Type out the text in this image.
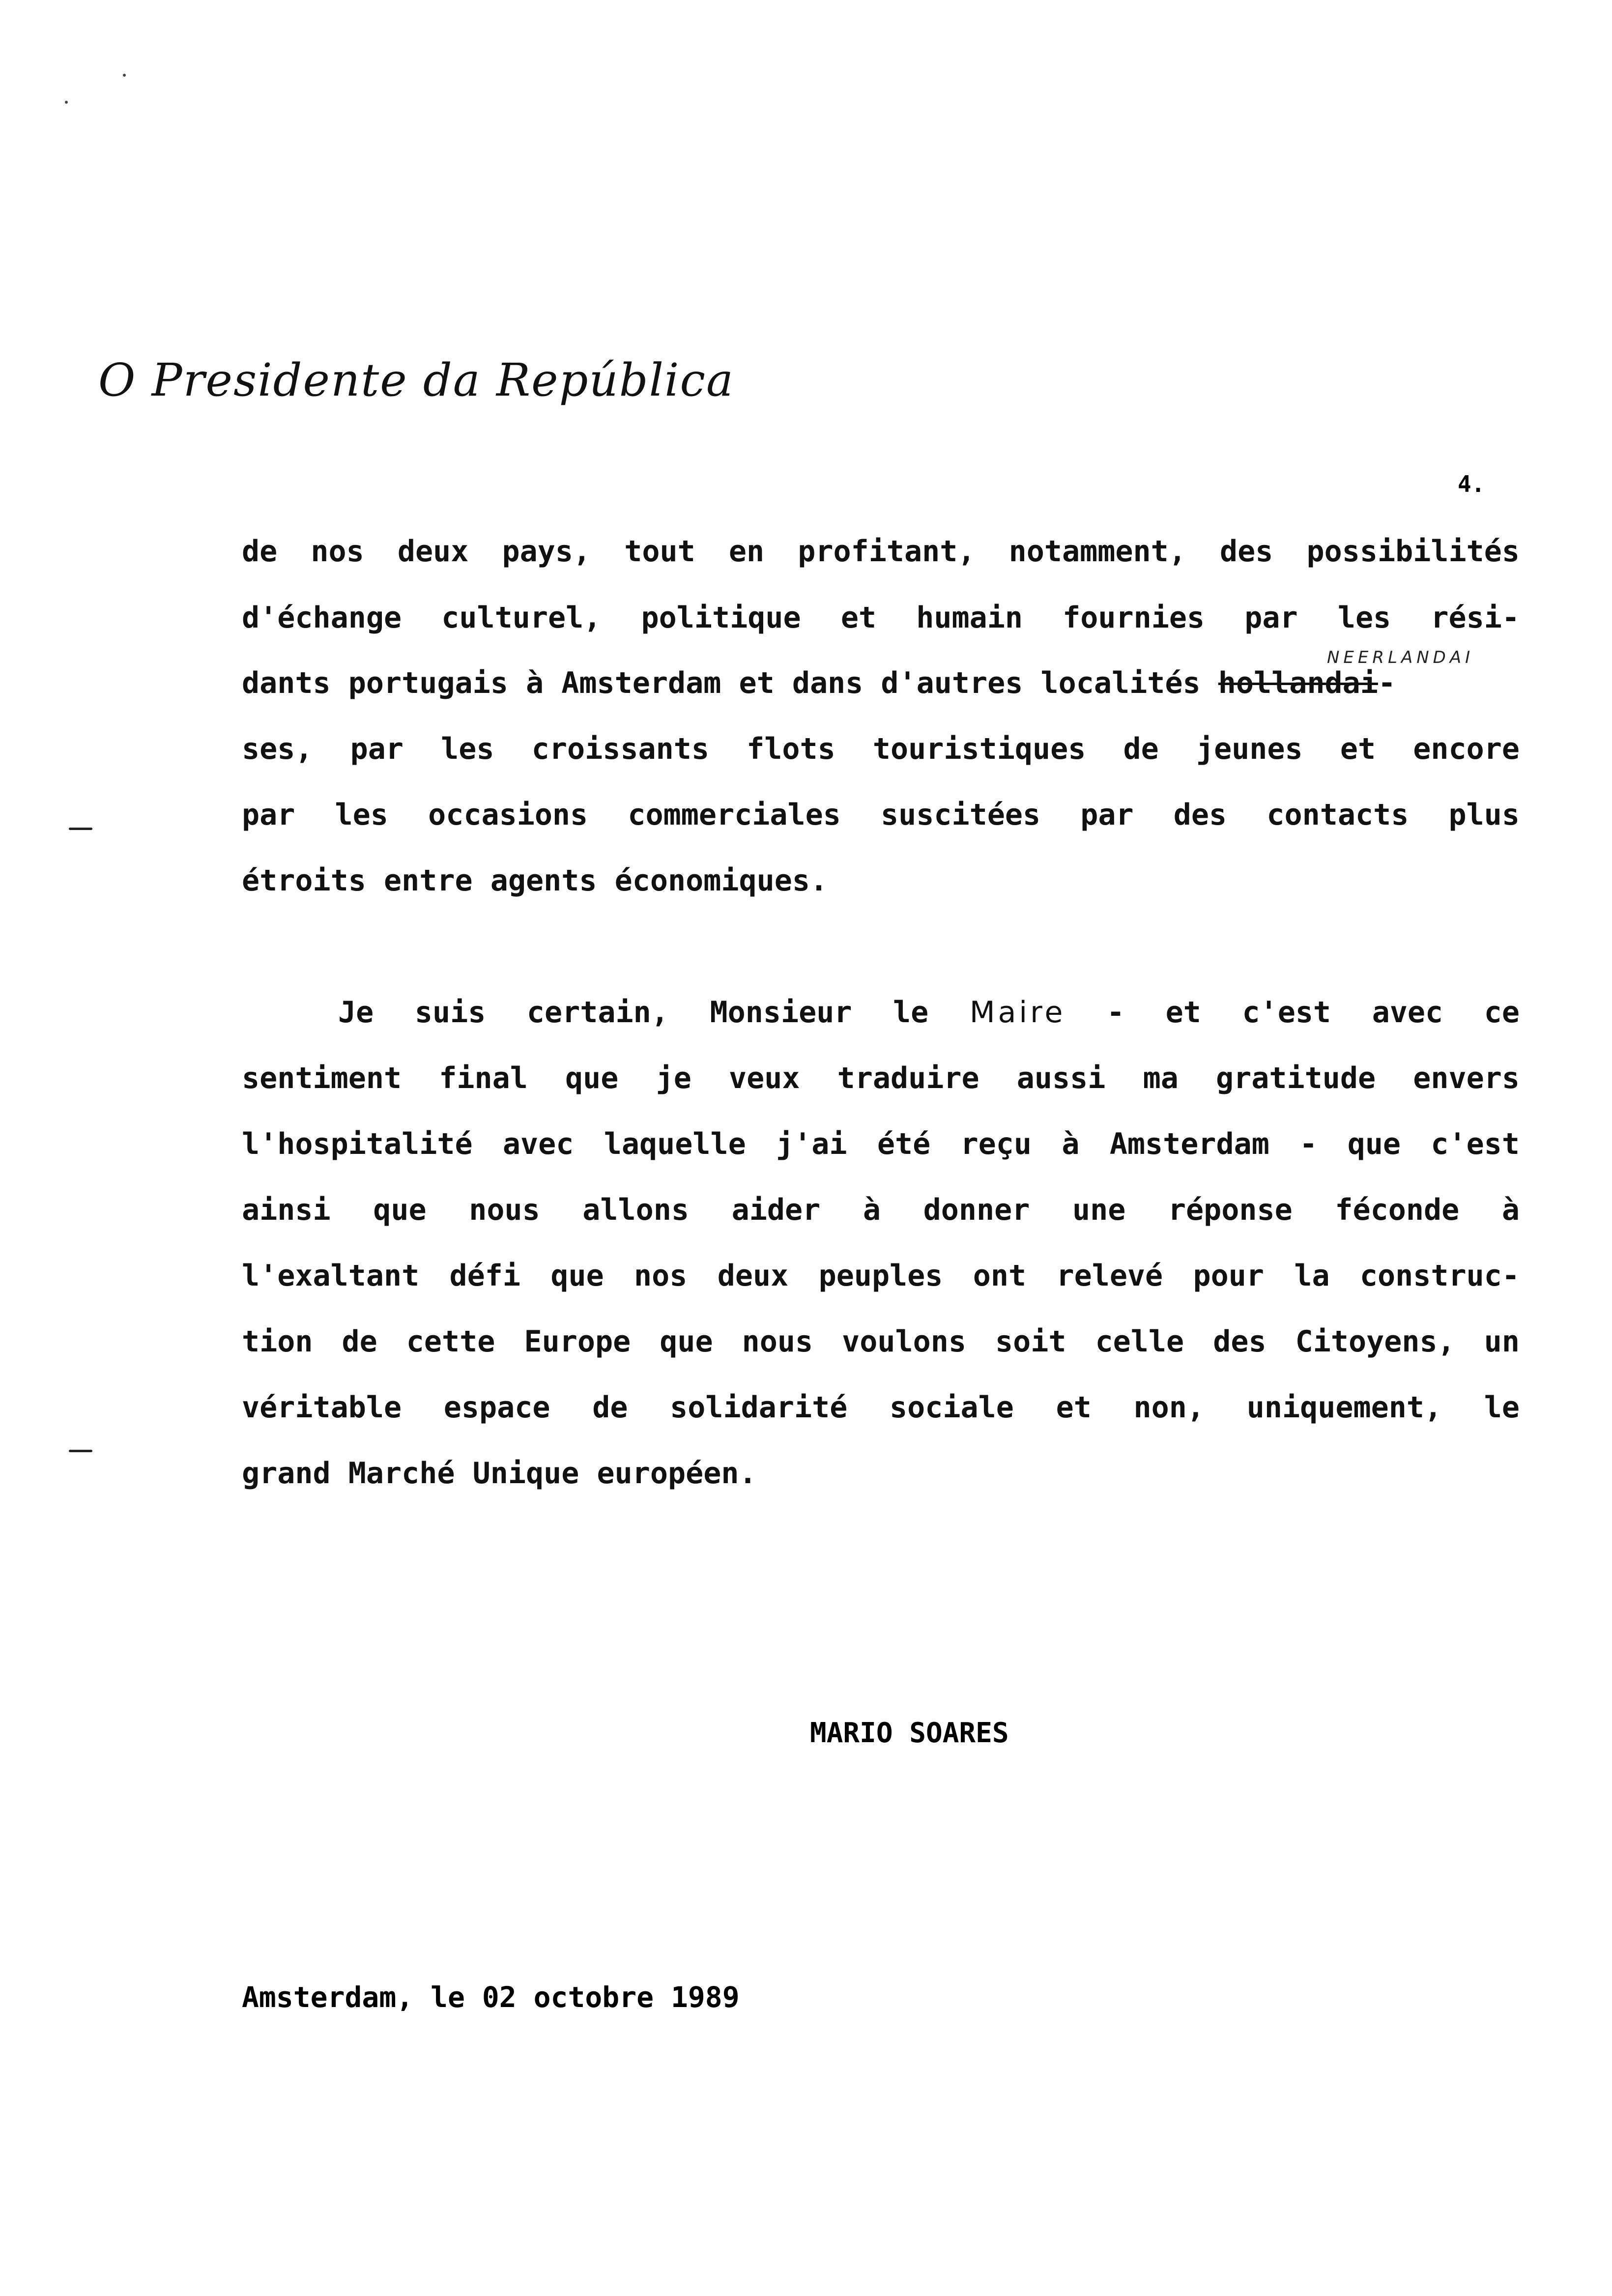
O Presidente da República
4.
de nos deux pays, tout en profitant, notamment, des possibilités
d'échange culturel, politique et humain fournies par les rési-
NEERLANDAI
dants portugais à Amsterdam et dans d'autres localités hollandai-
ses, par les croissants flots touristiques de jeunes et encore
par les occasions commerciales suscitées par des contacts plus
étroits entre agents économiques.
Je suis certain, Monsieur le Maire - et c'est avec ce
sentiment final que je veux traduire aussi ma gratitude envers
l'hospitalité avec laquelle j'ai été reçu à Amsterdam - que c'est
ainsi que nous allons aider à donner une réponse féconde à
l'exaltant défi que nos deux peuples ont relevé pour la construc-
tion de cette Europe que nous voulons soit celle des Citoyens, un
véritable espace de solidarité sociale et non, uniquement, le
grand Marché Unique européen.
MARIO SOARES
Amsterdam, le 02 octobre 1989
